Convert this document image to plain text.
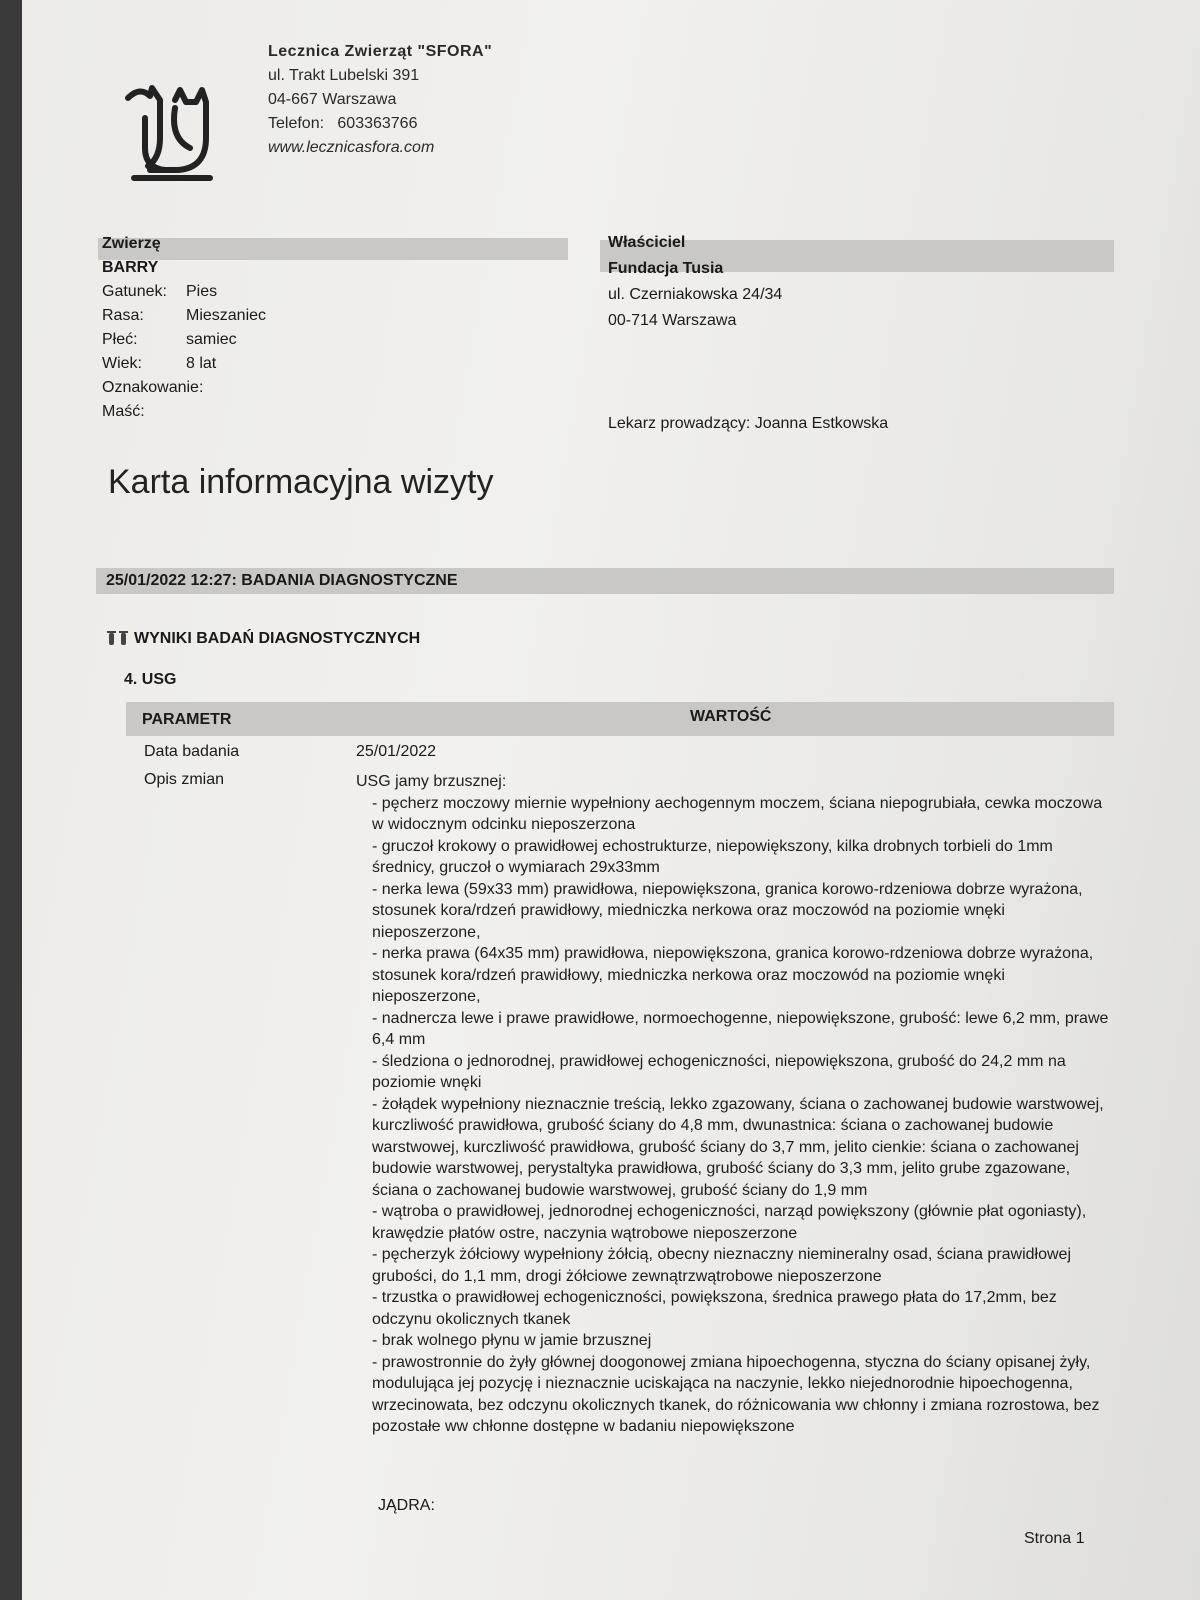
Lecznica Zwierząt "SFORA"
ul. Trakt Lubelski 391
04-667 Warszawa
Telefon: 603363766
www.lecznicasfora.com
Zwierzę
BARRY
Gatunek:	Pies
Rasa:	Mieszaniec
Płeć:	samiec
Wiek:	8 lat
Oznakowanie:
Maść:
Właściciel
Fundacja Tusia
ul. Czerniakowska 24/34
00-714 Warszawa
Lekarz prowadzący: Joanna Estkowska
Karta informacyjna wizyty
25/01/2022 12:27: BADANIA DIAGNOSTYCZNE
WYNIKI BADAŃ DIAGNOSTYCZNYCH
4. USG
PARAMETR	WARTOŚĆ
Data badania	25/01/2022
Opis zmian	USG jamy brzusznej:
- pęcherz moczowy miernie wypełniony aechogennym moczem, ściana niepogrubiała, cewka moczowa w widocznym odcinku nieposzerzona
- gruczoł krokowy o prawidłowej echostrukturze, niepowiększony, kilka drobnych torbieli do 1mm średnicy, gruczoł o wymiarach 29x33mm
- nerka lewa (59x33 mm) prawidłowa, niepowiększona, granica korowo-rdzeniowa dobrze wyrażona, stosunek kora/rdzeń prawidłowy, miedniczka nerkowa oraz moczowód na poziomie wnęki nieposzerzone,
- nerka prawa (64x35 mm) prawidłowa, niepowiększona, granica korowo-rdzeniowa dobrze wyrażona, stosunek kora/rdzeń prawidłowy, miedniczka nerkowa oraz moczowód na poziomie wnęki nieposzerzone,
- nadnercza lewe i prawe prawidłowe, normoechogenne, niepowiększone, grubość: lewe 6,2 mm, prawe 6,4 mm
- śledziona o jednorodnej, prawidłowej echogeniczności, niepowiększona, grubość do 24,2 mm na poziomie wnęki
- żołądek wypełniony nieznacznie treścią, lekko zgazowany, ściana o zachowanej budowie warstwowej, kurczliwość prawidłowa, grubość ściany do 4,8 mm, dwunastnica: ściana o zachowanej budowie warstwowej, kurczliwość prawidłowa, grubość ściany do 3,7 mm, jelito cienkie: ściana o zachowanej budowie warstwowej, perystaltyka prawidłowa, grubość ściany do 3,3 mm, jelito grube zgazowane, ściana o zachowanej budowie warstwowej, grubość ściany do 1,9 mm
- wątroba o prawidłowej, jednorodnej echogeniczności, narząd powiększony (głównie płat ogoniasty), krawędzie płatów ostre, naczynia wątrobowe nieposzerzone
- pęcherzyk żółciowy wypełniony żółcią, obecny nieznaczny niemineralny osad, ściana prawidłowej grubości, do 1,1 mm, drogi żółciowe zewnątrzwątrobowe nieposzerzone
- trzustka o prawidłowej echogeniczności, powiększona, średnica prawego płata do 17,2mm, bez odczynu okolicznych tkanek
- brak wolnego płynu w jamie brzusznej
- prawostronnie do żyły głównej doogonowej zmiana hipoechogenna, styczna do ściany opisanej żyły, modulująca jej pozycję i nieznacznie uciskająca na naczynie, lekko niejednorodnie hipoechogenna, wrzecinowata, bez odczynu okolicznych tkanek, do różnicowania ww chłonny i zmiana rozrostowa, bez pozostałe ww chłonne dostępne w badaniu niepowiększone
JĄDRA:
Strona 1
